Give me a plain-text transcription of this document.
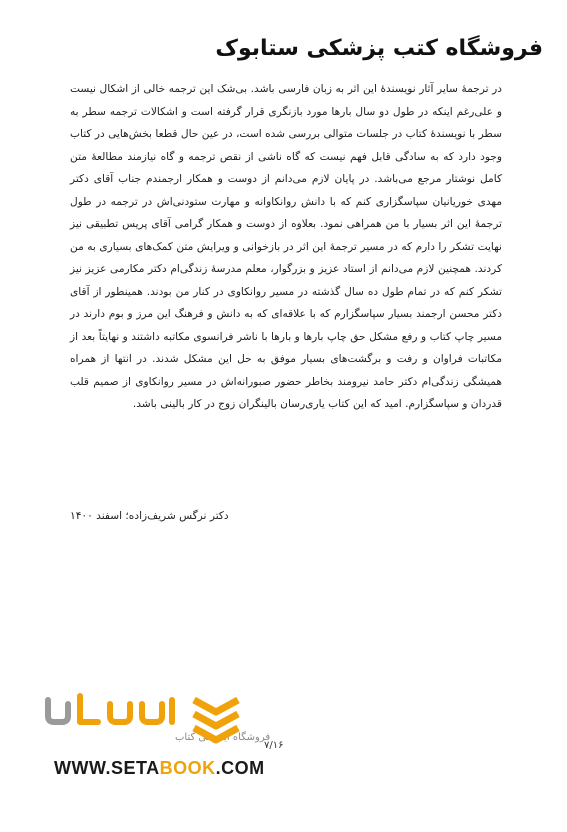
فروشگاه کتب پزشکی ستابوک

در ترجمهٔ سایر آثار نویسندهٔ این اثر به زبان فارسی باشد. بی‌شک این ترجمه خالی از اشکال نیست و علی‌رغم اینکه در طول دو سال بارها مورد بازنگری قرار گرفته است و اشکالات ترجمه سطر به سطر با نویسندهٔ کتاب در جلسات متوالی بررسی شده است، در عین حال قطعا بخش‌هایی در کتاب وجود دارد که به سادگی قابل فهم نیست که گاه ناشی از نقص ترجمه و گاه نیازمند مطالعهٔ متن کامل نوشتار مرجع می‌باشد. در پایان لازم می‌دانم از دوست و همکار ارجمندم جناب آقای دکتر مهدی خوریانیان سپاسگزاری کنم که با دانش روانکاوانه و مهارت ستودنی‌اش در ترجمه در طول ترجمهٔ این اثر بسیار با من همراهی نمود. بعلاوه از دوست و همکار گرامی آقای پریس تطبیقی نیز نهایت تشکر را دارم که در مسیر ترجمهٔ این اثر در بازخوانی و ویرایش متن کمک‌های بسیاری به من کردند. همچنین لازم می‌دانم از استاد عزیز و بزرگوار، معلم مدرسهٔ زندگی‌ام دکتر مکارمی عزیز نیز تشکر کنم که در تمام طول ده سال گذشته در مسیر روانکاوی در کنار من بودند. همینطور از آقای دکتر محسن ارجمند بسیار سپاسگزارم که با علاقه‌ای که به دانش و فرهنگ این مرز و بوم دارند در مسیر چاپ کتاب و رفع مشکل حق چاپ بارها و بارها با ناشر فرانسوی مکاتبه داشتند و نهایتاً بعد از مکاتبات فراوان و رفت و برگشت‌های بسیار موفق به حل این مشکل شدند. در انتها از همراه همیشگی زندگی‌ام دکتر حامد نیرومند بخاطر حضور صبورانه‌اش در مسیر روانکاوی از صمیم قلب قدردان و سپاسگزارم. امید که این کتاب یاری‌رسان بالینگران زوج در کار بالینی باشد.

دکتر نرگس شریف‌زاده؛ اسفند ۱۴۰۰
فروشگاه اینترنتی کتاب
۷/۱۶
WWW.SETABOOK.COM
